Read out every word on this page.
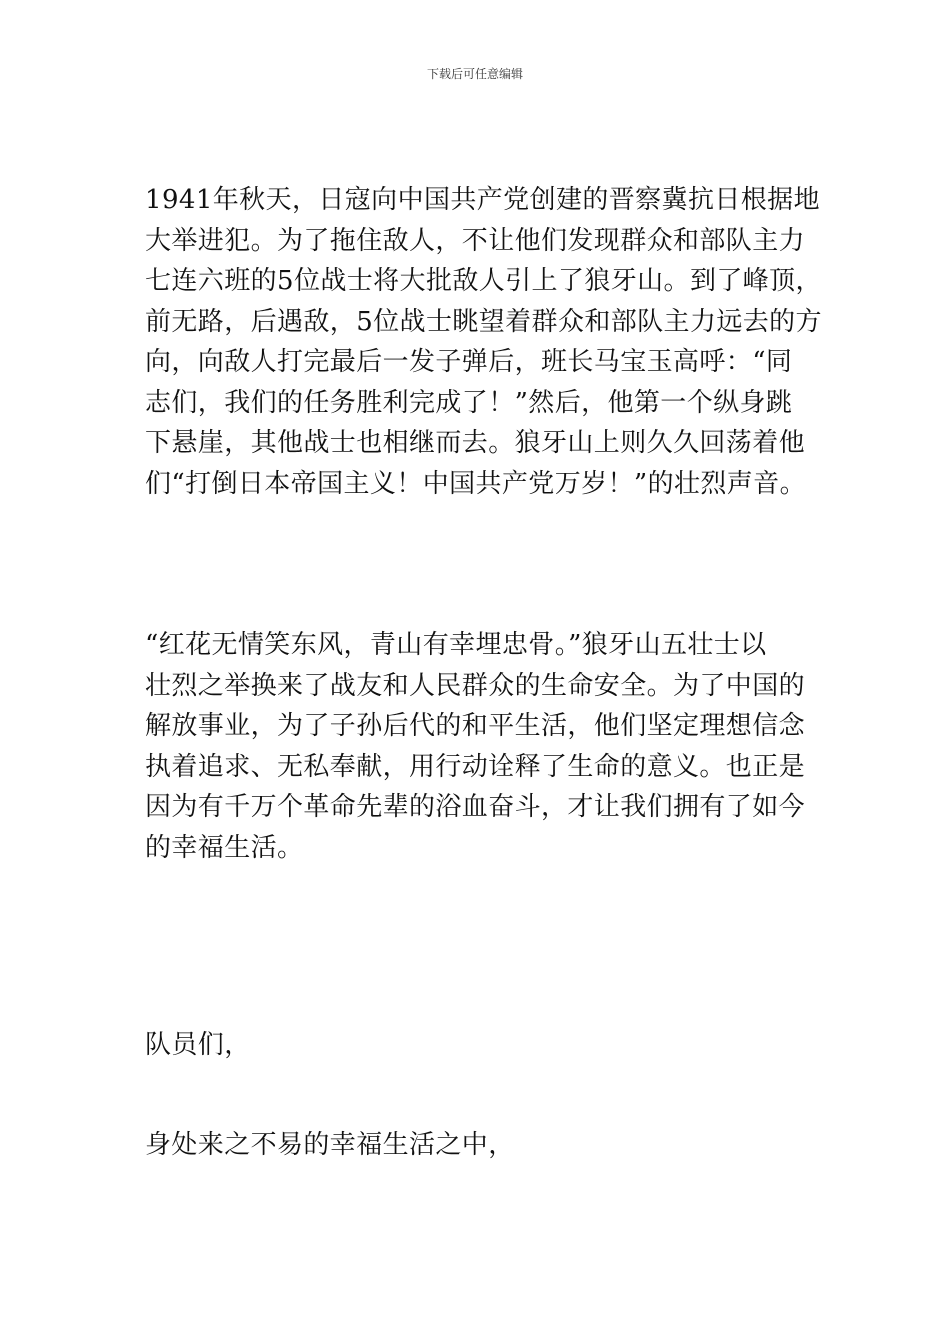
下载后可任意编辑
1941年秋天，日寇向中国共产党创建的晋察冀抗日根据地
大举进犯。为了拖住敌人，不让他们发现群众和部队主力
七连六班的5位战士将大批敌人引上了狼牙山。到了峰顶，
前无路，后遇敌，5位战士眺望着群众和部队主力远去的方
向，向敌人打完最后一发子弹后，班长马宝玉高呼：“同
志们，我们的任务胜利完成了！”然后，他第一个纵身跳
下悬崖，其他战士也相继而去。狼牙山上则久久回荡着他
们“打倒日本帝国主义！中国共产党万岁！”的壮烈声音。
“红花无情笑东风，青山有幸埋忠骨。”狼牙山五壮士以
壮烈之举换来了战友和人民群众的生命安全。为了中国的
解放事业，为了子孙后代的和平生活，他们坚定理想信念
执着追求、无私奉献，用行动诠释了生命的意义。也正是
因为有千万个革命先辈的浴血奋斗，才让我们拥有了如今
的幸福生活。
队员们，
身处来之不易的幸福生活之中，
